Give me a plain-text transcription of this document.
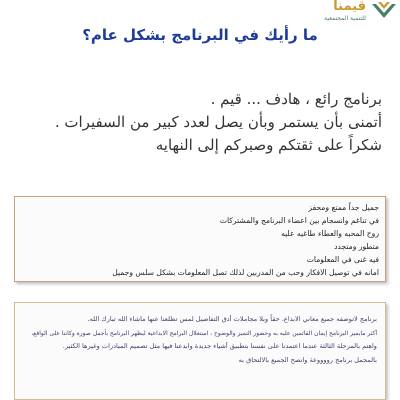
قيمنا
للتنمية المجتمعية
ما رأيك في البرنامج بشكل عام؟
برنامج رائع ، هادف ... قيم .
أتمنى بأن يستمر وبأن يصل لعدد كبير من السفيرات .
شكراً على ثقتكم وصبركم إلى النهايه
جميل جداً ممتع ومحفز
في تناغم وانسجام بين اعضاء البرنامج والمشتركات
روح المحبه والعطاء طاغيه عليه
متطور ومتجدد
فيه غنى في المعلومات
امانه في توصيل الافكار وحب من المدربين لذلك تصل المعلومات بشكل سلس وجميل
برنامج لاتوصفه جميع معاني الابداع، حقاً وبلا مجاملات أدق التفاصيل لمس تطلعنا عنها ماشاء الله تبارك الله.
أكثر مايميز البرنامج إيمان القائمين عليه به وحضور التميز والوضوح ، استغلال البرامج الابداعية ليظهر البرنامج بأجمل صورة وكاننا على الواقع،
واهتم بالمرحلة الثالثة عندما اعتمدنا على نفسنا بتطبيق أشياء جديدة وابدعنا فيها مثل تصميم المبادرات وغيرها الكثير.
بالمجمل برنامج رووووعة وانصح الجميع بالالتحاق به
